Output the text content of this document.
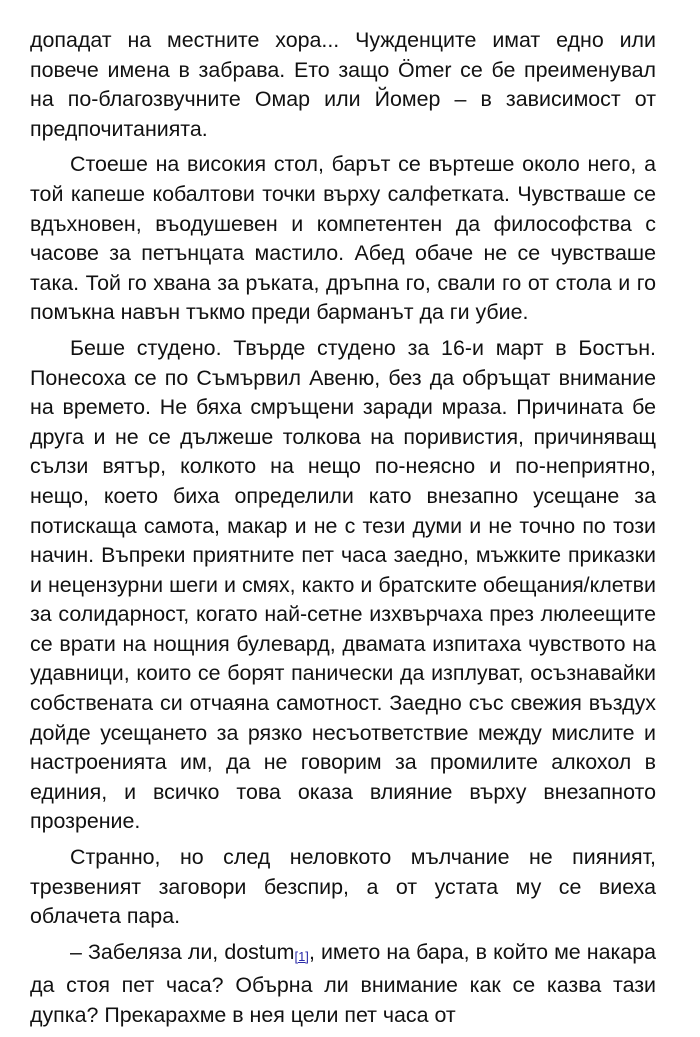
допадат на местните хора... Чужденците имат едно или повече имена в забрава. Ето защо Ömer се бе преименувал на по-благозвучните Омар или Йомер – в зависимост от предпочитанията.

Стоеше на високия стол, барът се въртеше около него, а той капеше кобалтови точки върху салфетката. Чувстваше се вдъхновен, въодушевен и компетентен да философства с часове за петънцата мастило. Абед обаче не се чувстваше така. Той го хвана за ръката, дръпна го, свали го от стола и го помъкна навън тъкмо преди барманът да ги убие.

Беше студено. Твърде студено за 16-и март в Бостън. Понесоха се по Съмървил Авеню, без да обръщат внимание на времето. Не бяха смръщени заради мраза. Причината бе друга и не се дължеше толкова на поривистия, причиняващ сълзи вятър, колкото на нещо по-неясно и по-неприятно, нещо, което биха определили като внезапно усещане за потискаща самота, макар и не с тези думи и не точно по този начин. Въпреки приятните пет часа заедно, мъжките приказки и нецензурни шеги и смях, както и братските обещания/клетви за солидарност, когато най-сетне изхвърчаха през люлеещите се врати на нощния булевард, двамата изпитаха чувството на удавници, които се борят панически да изплуват, осъзнавайки собствената си отчаяна самотност. Заедно със свежия въздух дойде усещането за рязко несъответствие между мислите и настроенията им, да не говорим за промилите алкохол в единия, и всичко това оказа влияние върху внезапното прозрение.

Странно, но след неловкото мълчание не пияният, трезвеният заговори безспир, а от устата му се виеха облачета пара.

– Забеляза ли, dostum[1], името на бара, в който ме накара да стоя пет часа? Обърна ли внимание как се казва тази дупка? Прекарахме в нея цели пет часа от
